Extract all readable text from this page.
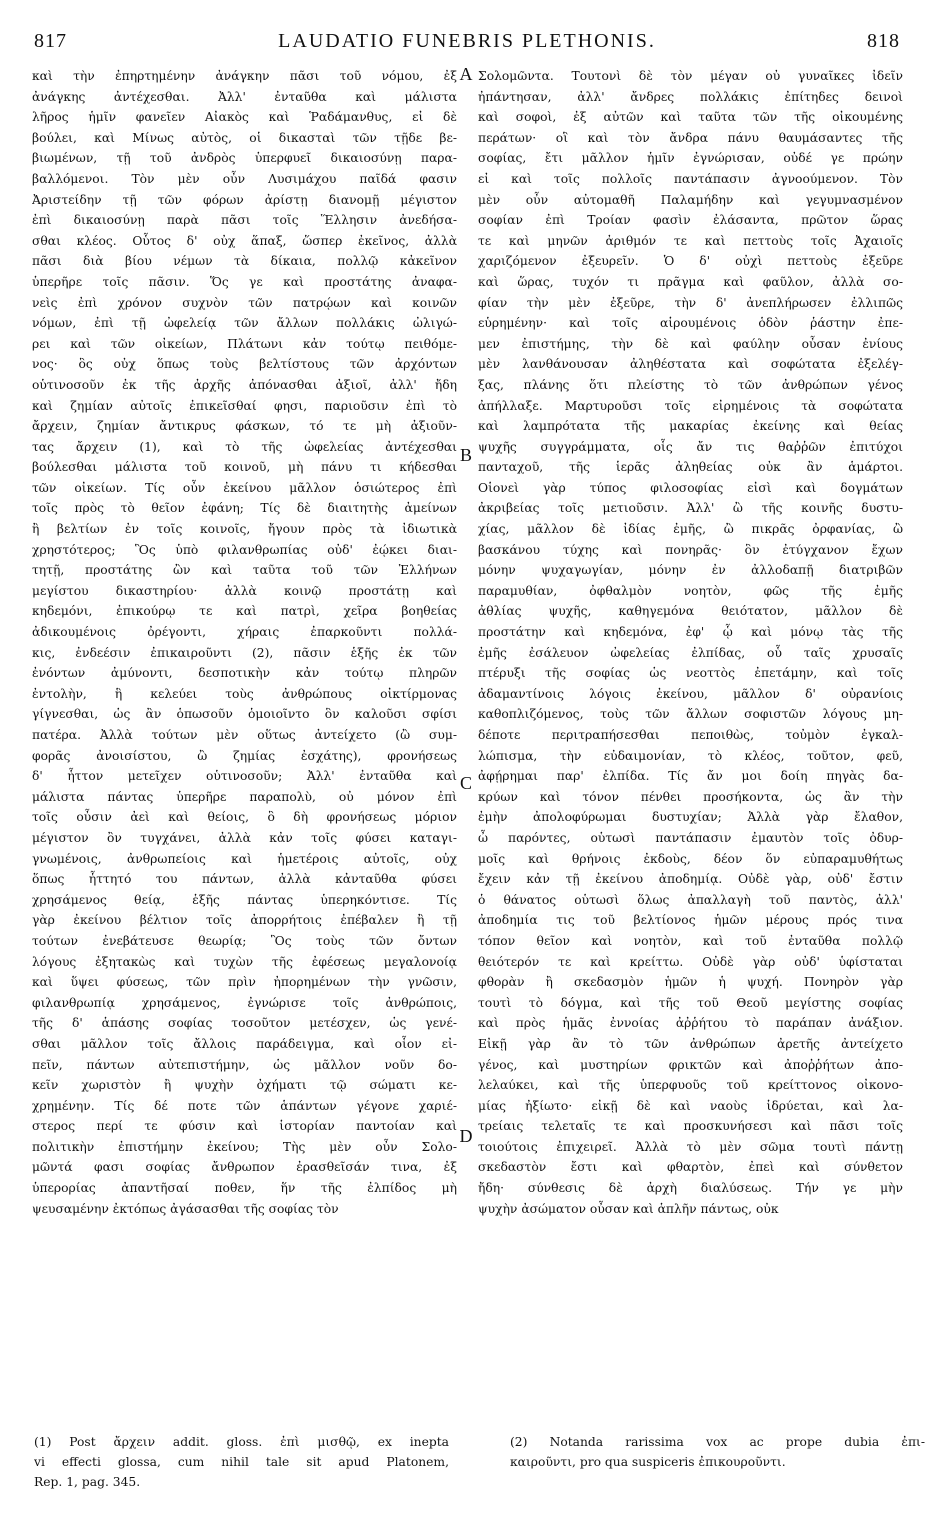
817	LAUDATIO FUNEBRIS PLETHONIS.	818
καὶ τὴν ἐπηρτημένην ἀνάγκην πᾶσι τοῦ νόμου, ἐξ
ἀνάγκης ἀντέχεσθαι. Ἀλλ' ἐνταῦθα καὶ μάλιστα
λῆρος ἡμῖν φανεῖεν Αἰακὸς καὶ Ῥαδάμανθυς, εἰ δὲ
βούλει, καὶ Μίνως αὐτὸς, οἱ δικασταὶ τῶν τῇδε βε-
βιωμένων, τῇ τοῦ ἀνδρὸς ὑπερφυεῖ δικαιοσύνῃ παρα-
βαλλόμενοι. Τὸν μὲν οὖν Λυσιμάχου παῖδά φασιν
Ἀριστείδην τῇ τῶν φόρων ἀρίστῃ διανομῇ μέγιστον
ἐπὶ δικαιοσύνῃ παρὰ πᾶσι τοῖς Ἕλλησιν ἀνεδήσα-
σθαι κλέος. Οὗτος δ' οὐχ ἅπαξ, ὥσπερ ἐκεῖνος, ἀλλὰ
πᾶσι διὰ βίου νέμων τὰ δίκαια, πολλῷ κἀκεῖνον
ὑπερῆρε τοῖς πᾶσιν. Ὅς γε καὶ προστάτης ἀναφα-
νεὶς ἐπὶ χρόνον συχνὸν τῶν πατρῴων καὶ κοινῶν
νόμων, ἐπὶ τῇ ὠφελείᾳ τῶν ἄλλων πολλάκις ὠλιγώ-
ρει καὶ τῶν οἰκείων, Πλάτωνι κἀν τούτῳ πειθόμε-
νος· ὃς οὐχ ὅπως τοὺς βελτίστους τῶν ἀρχόντων
οὑτινοσοῦν ἐκ τῆς ἀρχῆς ἀπόνασθαι ἀξιοῖ, ἀλλ' ἤδη
καὶ ζημίαν αὐτοῖς ἐπικεῖσθαί φησι, παριοῦσιν ἐπὶ τὸ
ἄρχειν, ζημίαν ἄντικρυς φάσκων, τό τε μὴ ἀξιοῦν-
τας ἄρχειν (1), καὶ τὸ τῆς ὠφελείας ἀντέχεσθαι
βούλεσθαι μάλιστα τοῦ κοινοῦ, μὴ πάνυ τι κήδεσθαι
τῶν οἰκείων. Τίς οὖν ἐκείνου μᾶλλον ὁσιώτερος ἐπὶ
τοῖς πρὸς τὸ θεῖον ἐφάνη; Τίς δὲ διαιτητὴς ἀμείνων
ἢ βελτίων ἐν τοῖς κοινοῖς, ἤγουν πρὸς τὰ ἰδιωτικὰ
χρηστότερος; Ὃς ὑπὸ φιλανθρωπίας οὐδ' ἐῴκει διαι-
τητῇ, προστάτης ὢν καὶ ταῦτα τοῦ τῶν Ἑλλήνων
μεγίστου δικαστηρίου· ἀλλὰ κοινῷ προστάτῃ καὶ
κηδεμόνι, ἐπικούρῳ τε καὶ πατρὶ, χεῖρα βοηθείας
ἀδικουμένοις ὀρέγοντι, χήραις ἐπαρκοῦντι πολλά-
κις, ἐνδεέσιν ἐπικαιροῦντι (2), πᾶσιν ἑξῆς ἐκ τῶν
ἐνόντων ἀμύνοντι, δεσποτικὴν κἀν τούτῳ πληρῶν
ἐντολὴν, ἣ κελεύει τοὺς ἀνθρώπους οἰκτίρμονας
γίγνεσθαι, ὡς ἂν ὁπωσοῦν ὁμοιοῖντο ὃν καλοῦσι σφίσι
πατέρα. Ἀλλὰ τούτων μὲν οὕτως ἀντείχετο (ὢ συμ-
φορᾶς ἀνοισίστου, ὢ ζημίας ἐσχάτης), φρονήσεως
δ' ἧττον μετεῖχεν οὑτινοσοῦν; Ἀλλ' ἐνταῦθα καὶ
μάλιστα πάντας ὑπερῆρε παραπολὺ, οὐ μόνον ἐπὶ
τοῖς οὖσιν ἀεὶ καὶ θείοις, ὃ δὴ φρονήσεως μόριον
μέγιστον ὂν τυγχάνει, ἀλλὰ κἀν τοῖς φύσει καταγι-
γνωμένοις, ἀνθρωπείοις καὶ ἡμετέροις αὐτοῖς, οὐχ
ὅπως ἧττητό του πάντων, ἀλλὰ κἀνταῦθα φύσει
χρησάμενος θείᾳ, ἑξῆς πάντας ὑπερηκόντισε. Τίς
γὰρ ἐκείνου βέλτιον τοῖς ἀπορρήτοις ἐπέβαλεν ἢ τῇ
τούτων ἐνεβάτευσε θεωρίᾳ; Ὃς τοὺς τῶν ὄντων
λόγους ἐξητακὼς καὶ τυχὼν τῆς ἐφέσεως μεγαλονοίᾳ
καὶ ὕψει φύσεως, τῶν πρὶν ἠπορημένων τὴν γνῶσιν,
φιλανθρωπίᾳ χρησάμενος, ἐγνώρισε τοῖς ἀνθρώποις,
τῆς δ' ἁπάσης σοφίας τοσοῦτον μετέσχεν, ὡς γενέ-
σθαι μᾶλλον τοῖς ἄλλοις παράδειγμα, καὶ οἷον εἰ-
πεῖν, πάντων αὐτεπιστήμην, ὡς μᾶλλον νοῦν δο-
κεῖν χωριστὸν ἢ ψυχὴν ὀχήματι τῷ σώματι κε-
χρημένην. Τίς δέ ποτε τῶν ἁπάντων γέγονε χαριέ-
στερος περί τε φύσιν καὶ ἱστορίαν παντοίαν καὶ
πολιτικὴν ἐπιστήμην ἐκείνου; Τὴς μὲν οὖν Σολο-
μῶντά φασι σοφίας ἄνθρωπον ἐρασθεῖσάν τινα, ἐξ
ὑπερορίας ἀπαντῆσαί ποθεν, ἥν τῆς ἐλπίδος μὴ
ψευσαμένην ἐκτόπως ἀγάσασθαι τῆς σοφίας τὸν
Σολομῶντα. Τουτονὶ δὲ τὸν μέγαν οὐ γυναῖκες ἰδεῖν
ἠπάντησαν, ἀλλ' ἄνδρες πολλάκις ἐπίτηδες δεινοὶ
καὶ σοφοὶ, ἐξ αὐτῶν καὶ ταῦτα τῶν τῆς οἰκουμένης
περάτων· οἳ καὶ τὸν ἄνδρα πάνυ θαυμάσαντες τῆς
σοφίας, ἔτι μᾶλλον ἡμῖν ἐγνώρισαν, οὐδέ γε πρώην
εἰ καὶ τοῖς πολλοῖς παντάπασιν ἀγνοούμενον. Τὸν
μὲν οὖν αὐτομαθῆ Παλαμήδην καὶ γεγυμνασμένον
σοφίαν ἐπὶ Τροίαν φασὶν ἐλάσαντα, πρῶτον ὥρας
τε καὶ μηνῶν ἀριθμόν τε καὶ πεττοὺς τοῖς Ἀχαιοῖς
χαριζόμενον ἐξευρεῖν. Ὁ δ' οὐχὶ πεττοὺς ἐξεῦρε
καὶ ὥρας, τυχόν τι πρᾶγμα καὶ φαῦλον, ἀλλὰ σο-
φίαν τὴν μὲν ἐξεῦρε, τὴν δ' ἀνεπλήρωσεν ἐλλιπῶς
εὑρημένην· καὶ τοῖς αἱρουμένοις ὁδὸν ῥάστην ἐπε-
μεν ἐπιστήμης, τὴν δὲ καὶ φαύλην οὖσαν ἐνίους
μὲν λανθάνουσαν ἀληθέστατα καὶ σοφώτατα ἐξελέγ-
ξας, πλάνης ὅτι πλείστης τὸ τῶν ἀνθρώπων γένος
ἀπήλλαξε. Μαρτυροῦσι τοῖς εἰρημένοις τὰ σοφώτατα
καὶ λαμπρότατα τῆς μακαρίας ἐκείνης καὶ θείας
ψυχῆς συγγράμματα, οἷς ἄν τις θαῤῥῶν ἐπιτύχοι
πανταχοῦ, τῆς ἱερᾶς ἀληθείας οὐκ ἂν ἁμάρτοι.
Οἱονεὶ γὰρ τύπος φιλοσοφίας εἰσὶ καὶ δογμάτων
ἀκριβείας τοῖς μετιοῦσιν. Ἀλλ' ὢ τῆς κοινῆς δυστυ-
χίας, μᾶλλον δὲ ἰδίας ἐμῆς, ὢ πικρᾶς ὀρφανίας, ὢ
βασκάνου τύχης καὶ πονηρᾶς· ὃν ἐτύγχανον ἔχων
μόνην ψυχαγωγίαν, μόνην ἐν ἀλλοδαπῇ διατριβῶν
παραμυθίαν, ὀφθαλμὸν νοητὸν, φῶς τῆς ἐμῆς
ἀθλίας ψυχῆς, καθηγεμόνα θειότατον, μᾶλλον δὲ
προστάτην καὶ κηδεμόνα, ἐφ' ᾧ καὶ μόνῳ τὰς τῆς
ἐμῆς ἐσάλευον ὠφελείας ἐλπίδας, οὗ ταῖς χρυσαῖς
πτέρυξι τῆς σοφίας ὡς νεοττὸς ἐπετάμην, καὶ τοῖς
ἀδαμαντίνοις λόγοις ἐκείνου, μᾶλλον δ' οὐρανίοις
καθοπλιζόμενος, τοὺς τῶν ἄλλων σοφιστῶν λόγους μη-
δέποτε περιτραπήσεσθαι πεποιθὼς, τοὐμὸν ἐγκαλ-
λώπισμα, τὴν εὐδαιμονίαν, τὸ κλέος, τοῦτον, φεῦ,
ἀφῄρημαι παρ' ἐλπίδα. Τίς ἄν μοι δοίη πηγὰς δα-
κρύων καὶ τόνον πένθει προσήκοντα, ὡς ἂν τὴν
ἐμὴν ἀπολοφύρωμαι δυστυχίαν; Ἀλλὰ γὰρ ἔλαθον,
ὦ παρόντες, οὑτωσὶ παντάπασιν ἐμαυτὸν τοῖς ὀδυρ-
μοῖς καὶ θρήνοις ἐκδοὺς, δέον ὅν εὐπαραμυθήτως
ἔχειν κἀν τῇ ἐκείνου ἀποδημίᾳ. Οὐδὲ γὰρ, οὐδ' ἔστιν
ὁ θάνατος οὑτωσὶ ὅλως ἀπαλλαγὴ τοῦ παντὸς, ἀλλ'
ἀποδημία τις τοῦ βελτίονος ἡμῶν μέρους πρός τινα
τόπον θεῖον καὶ νοητὸν, καὶ τοῦ ἐνταῦθα πολλῷ
θειότερόν τε καὶ κρείττω. Οὐδὲ γὰρ οὐδ' ὑφίσταται
φθορὰν ἢ σκεδασμὸν ἡμῶν ἡ ψυχή. Πονηρὸν γὰρ
τουτὶ τὸ δόγμα, καὶ τῆς τοῦ Θεοῦ μεγίστης σοφίας
καὶ πρὸς ἡμᾶς ἐννοίας ἀῤῥήτου τὸ παράπαν ἀνάξιον.
Εἰκῇ γὰρ ἂν τὸ τῶν ἀνθρώπων ἀρετῆς ἀντείχετο
γένος, καὶ μυστηρίων φρικτῶν καὶ ἀποῤῥήτων ἀπο-
λελαύκει, καὶ τῆς ὑπερφυοῦς τοῦ κρείττονος οἰκονο-
μίας ἠξίωτο· εἰκῇ δὲ καὶ ναοὺς ἱδρύεται, καὶ λα-
τρείαις τελεταῖς τε καὶ προσκυνήσεσι καὶ πᾶσι τοῖς
τοιούτοις ἐπιχειρεῖ. Ἀλλὰ τὸ μὲν σῶμα τουτὶ πάντῃ
σκεδαστὸν ἔστι καὶ φθαρτὸν, ἐπεὶ καὶ σύνθετον
ἤδη· σύνθεσις δὲ ἀρχὴ διαλύσεως. Τήν γε μὴν
ψυχὴν ἀσώματον οὖσαν καὶ ἁπλῆν πάντως, οὐκ
A
B
C
D
(1) Post ἄρχειν addit. gloss. ἐπὶ μισθῷ, ex inepta
vi effecti glossa, cum nihil tale sit apud Platonem,
Rep. 1, pag. 345.
(2) Notanda rarissima vox ac prope dubia ἐπι-
καιροῦντι, pro qua suspiceris ἐπικουροῦντι.
